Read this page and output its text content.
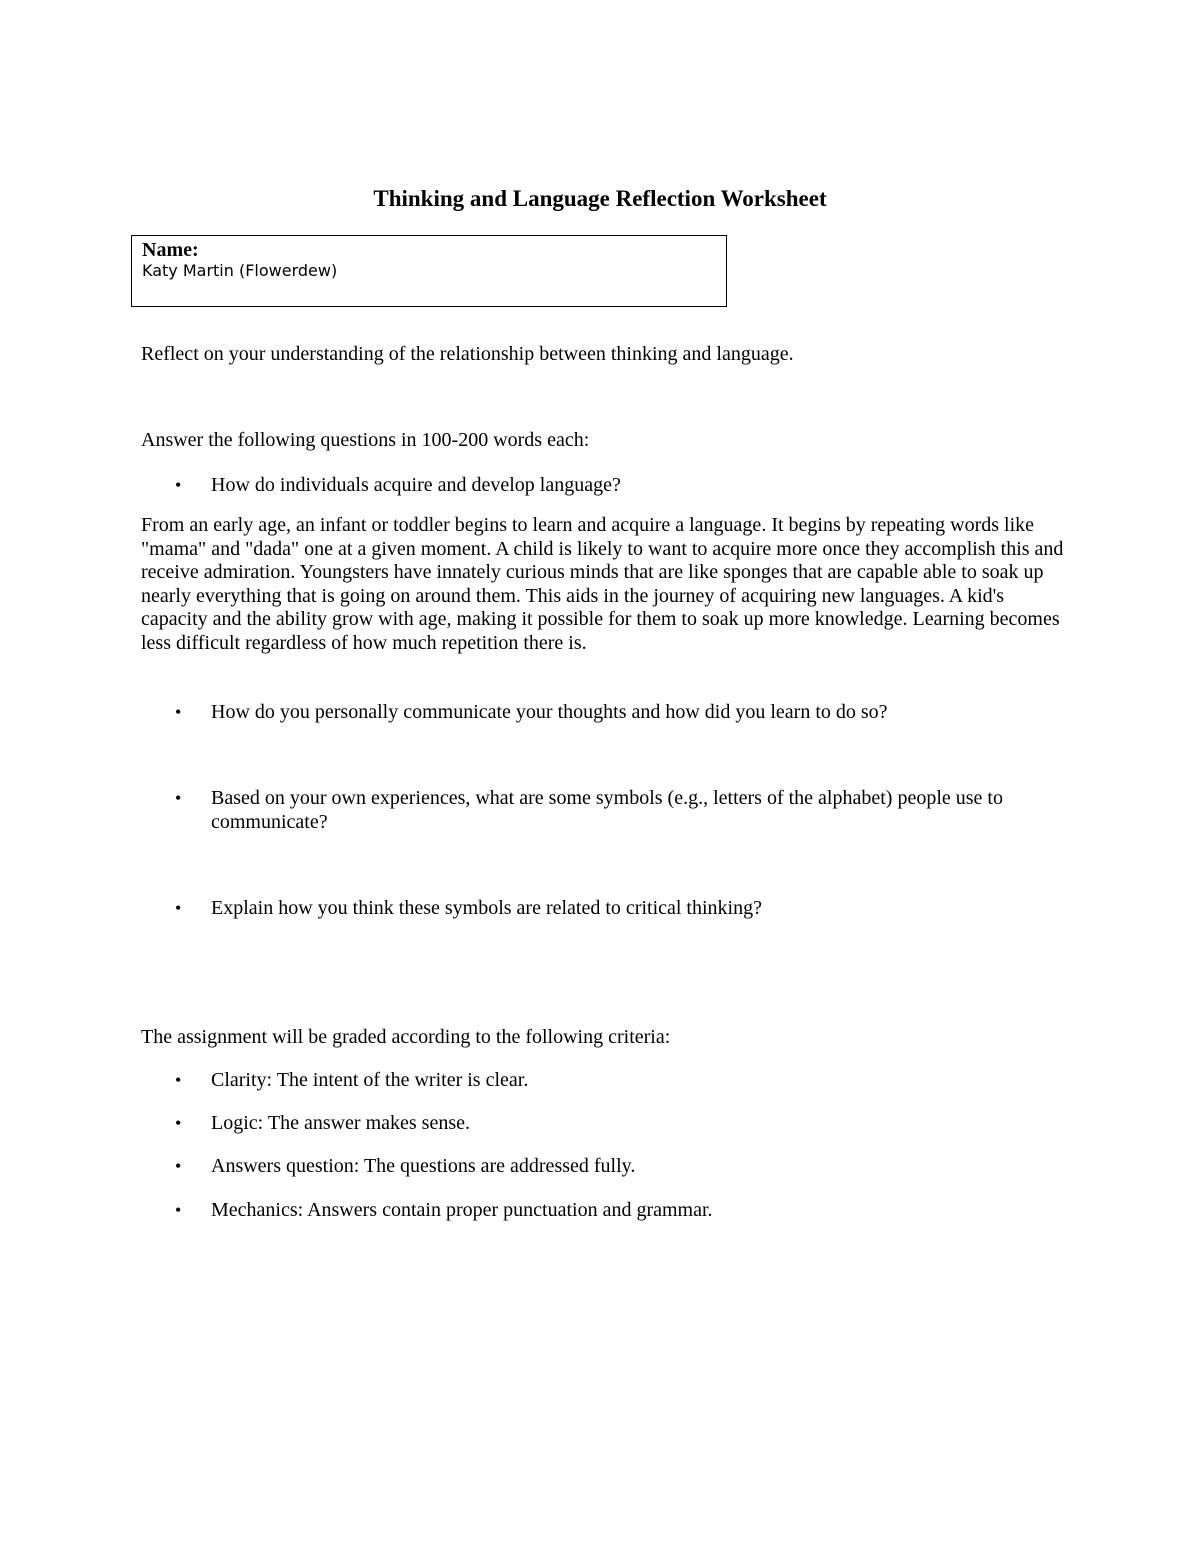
Thinking and Language Reflection Worksheet
Name:
Katy Martin (Flowerdew)

Reflect on your understanding of the relationship between thinking and language.

Answer the following questions in 100-200 words each:

• How do individuals acquire and develop language?

From an early age, an infant or toddler begins to learn and acquire a language. It begins by repeating words like "mama" and "dada" one at a given moment. A child is likely to want to acquire more once they accomplish this and receive admiration. Youngsters have innately curious minds that are like sponges that are capable able to soak up nearly everything that is going on around them. This aids in the journey of acquiring new languages. A kid's capacity and the ability grow with age, making it possible for them to soak up more knowledge. Learning becomes less difficult regardless of how much repetition there is.

• How do you personally communicate your thoughts and how did you learn to do so?
• Based on your own experiences, what are some symbols (e.g., letters of the alphabet) people use to communicate?
• Explain how you think these symbols are related to critical thinking?

The assignment will be graded according to the following criteria:

• Clarity: The intent of the writer is clear.
• Logic: The answer makes sense.
• Answers question: The questions are addressed fully.
• Mechanics: Answers contain proper punctuation and grammar.
